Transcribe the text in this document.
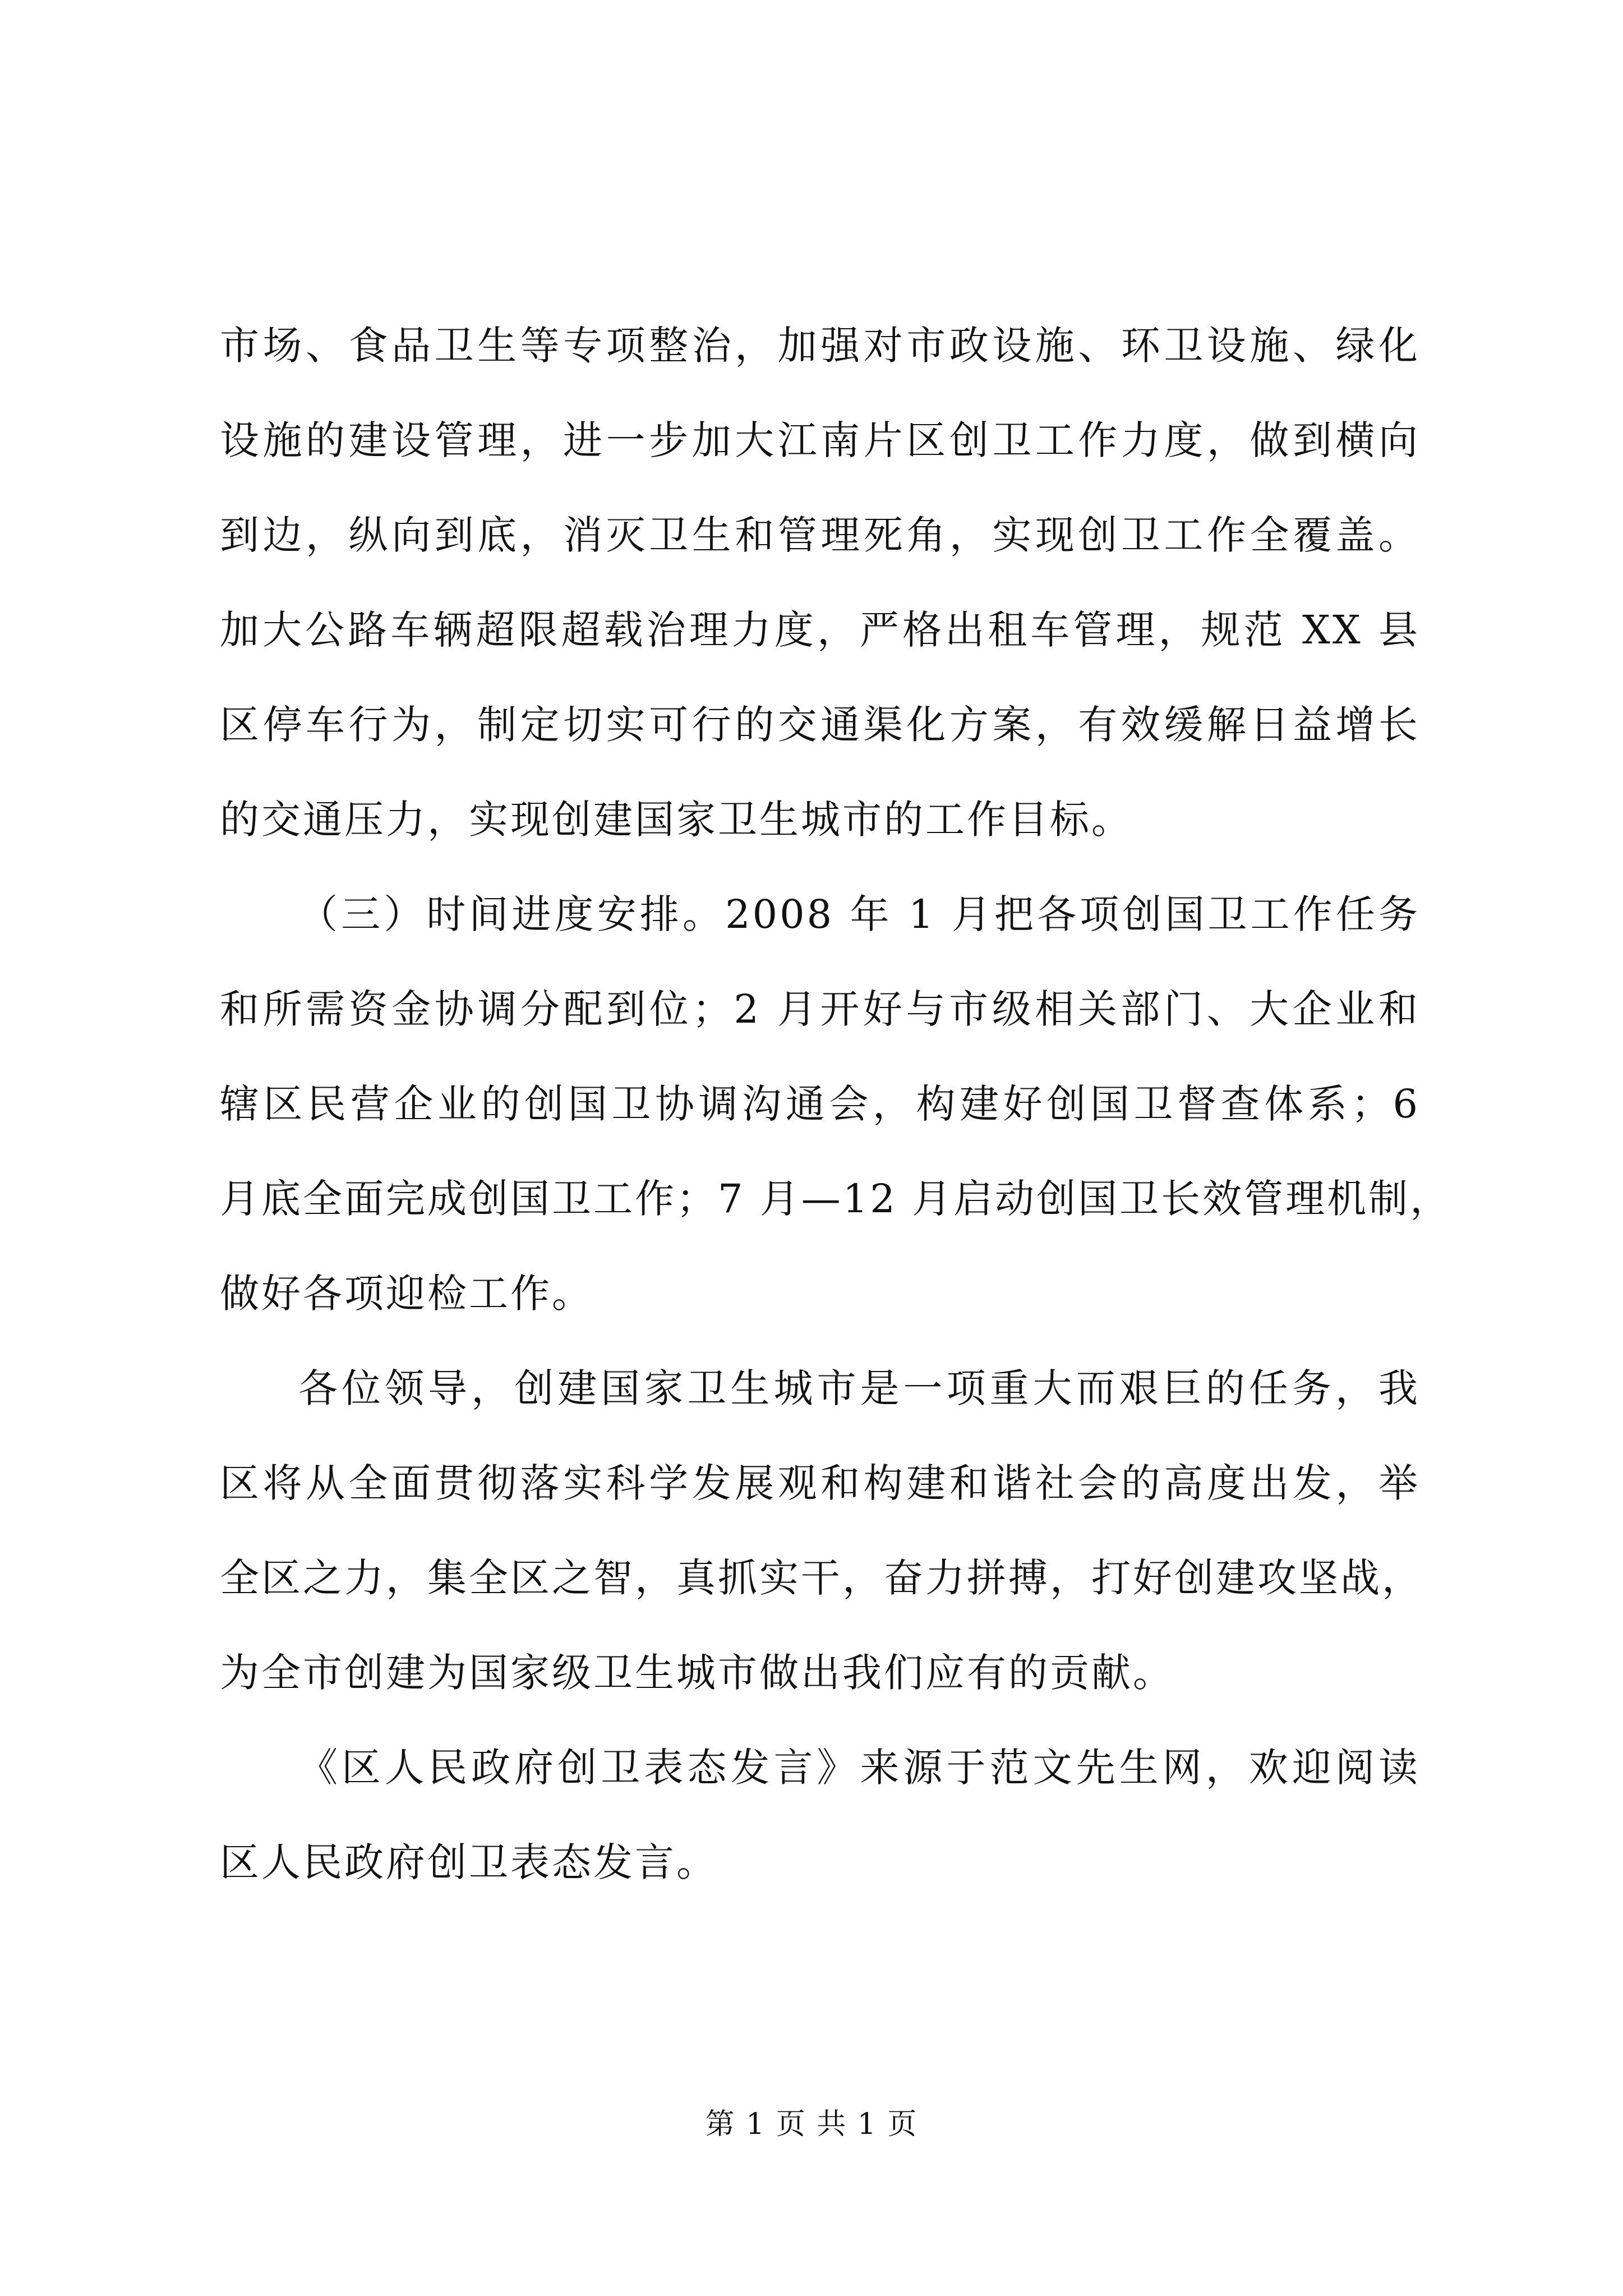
市场、食品卫生等专项整治，加强对市政设施、环卫设施、绿化
设施的建设管理，进一步加大江南片区创卫工作力度，做到横向
到边，纵向到底，消灭卫生和管理死角，实现创卫工作全覆盖。
加大公路车辆超限超载治理力度，严格出租车管理，规范 XX 县
区停车行为，制定切实可行的交通渠化方案，有效缓解日益增长
的交通压力，实现创建国家卫生城市的工作目标。
（三）时间进度安排。2008 年 1 月把各项创国卫工作任务
和所需资金协调分配到位；2 月开好与市级相关部门、大企业和
辖区民营企业的创国卫协调沟通会，构建好创国卫督查体系；6
月底全面完成创国卫工作；7 月—12 月启动创国卫长效管理机制，
做好各项迎检工作。
各位领导，创建国家卫生城市是一项重大而艰巨的任务，我
区将从全面贯彻落实科学发展观和构建和谐社会的高度出发，举
全区之力，集全区之智，真抓实干，奋力拼搏，打好创建攻坚战，
为全市创建为国家级卫生城市做出我们应有的贡献。
《区人民政府创卫表态发言》来源于范文先生网，欢迎阅读
区人民政府创卫表态发言。
第 1 页 共 1 页
